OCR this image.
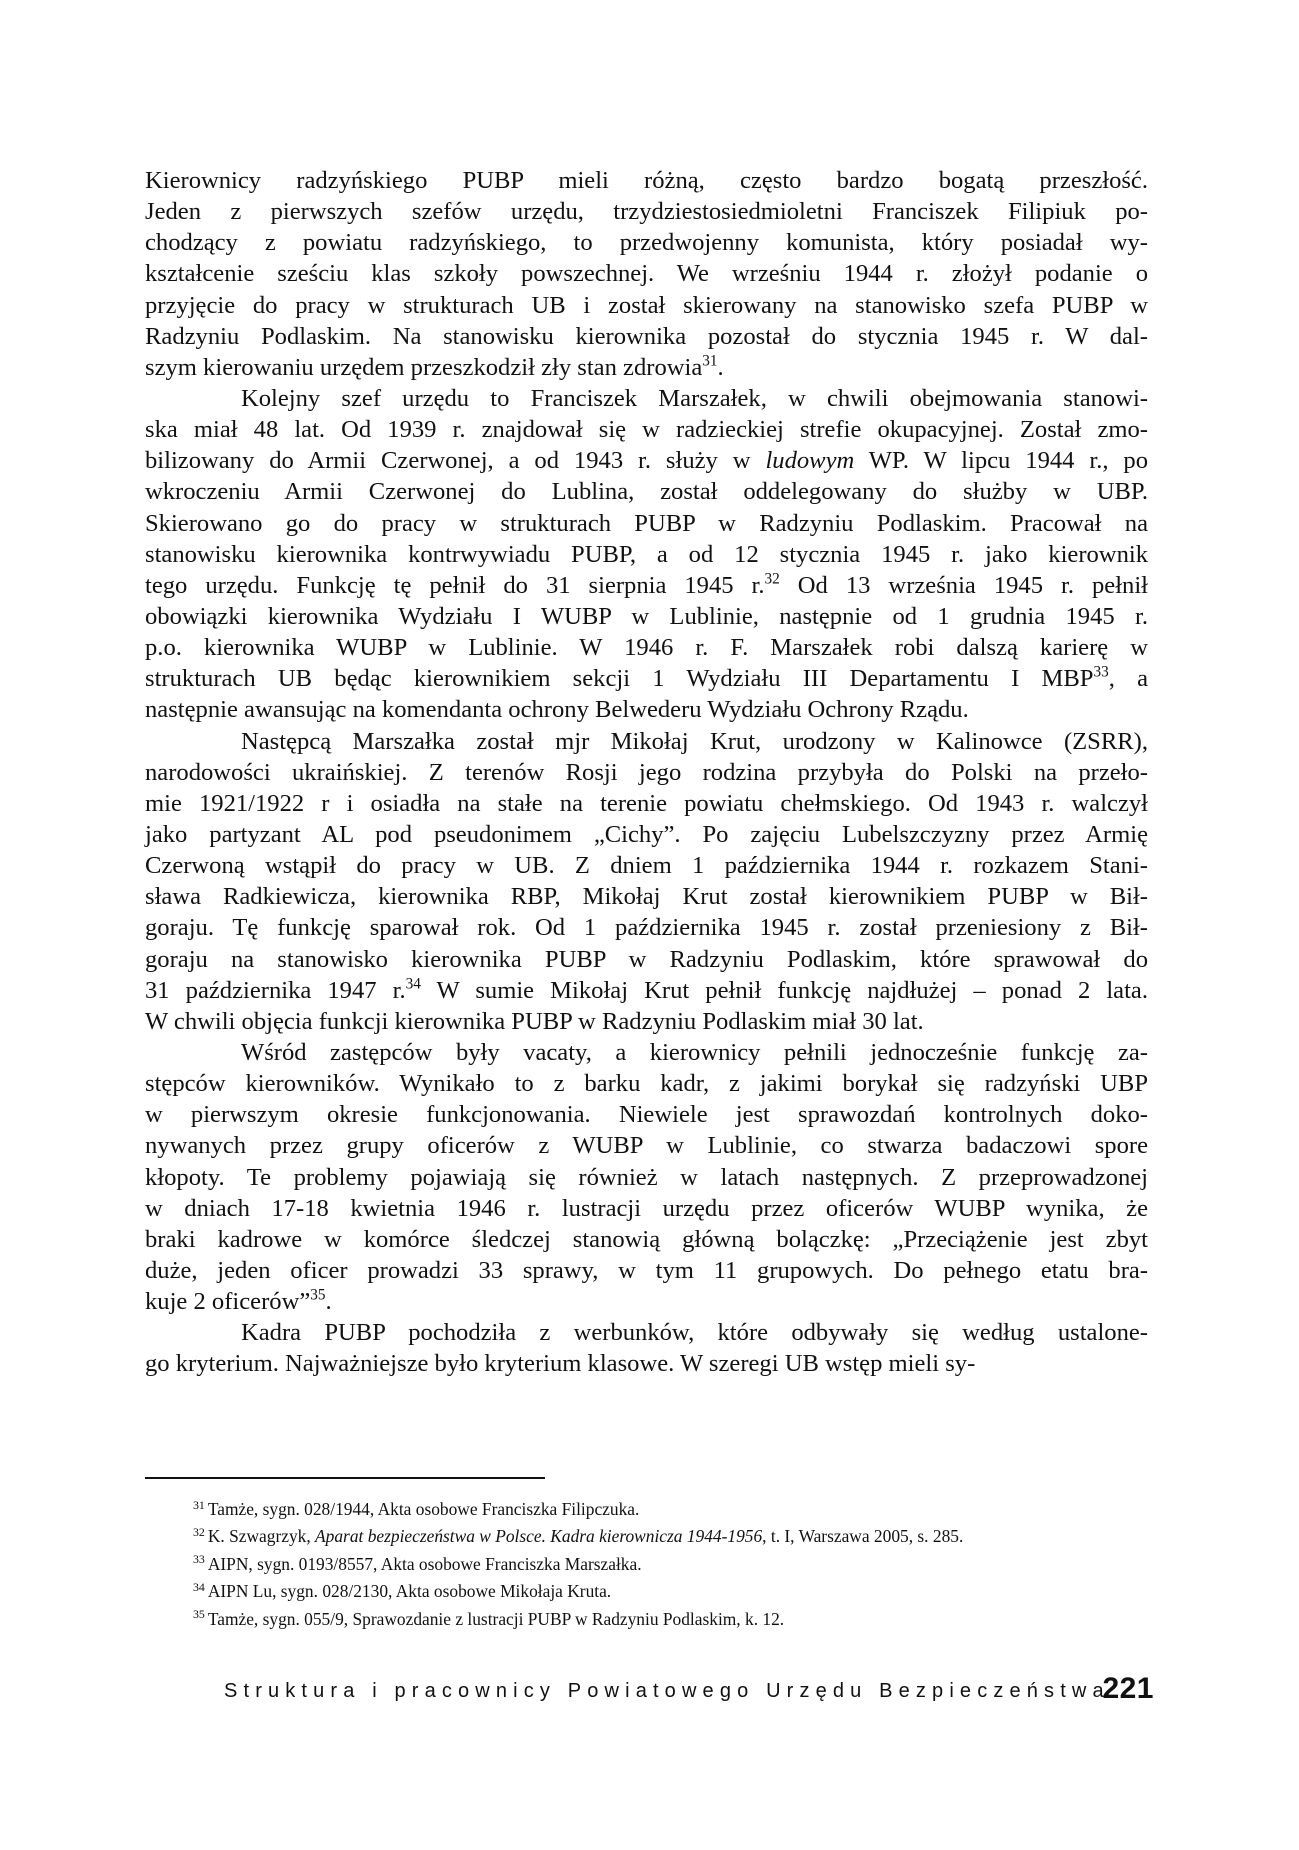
Kierownicy radzyńskiego PUBP mieli różną, często bardzo bogatą przeszłość.
Jeden z pierwszych szefów urzędu, trzydziestosiedmioletni Franciszek Filipiuk po-
chodzący z powiatu radzyńskiego, to przedwojenny komunista, który posiadał wy-
kształcenie sześciu klas szkoły powszechnej. We wrześniu 1944 r. złożył podanie o
przyjęcie do pracy w strukturach UB i został skierowany na stanowisko szefa PUBP w
Radzyniu Podlaskim. Na stanowisku kierownika pozostał do stycznia 1945 r. W dal-
szym kierowaniu urzędem przeszkodził zły stan zdrowia$^{31}$.
Kolejny szef urzędu to Franciszek Marszałek, w chwili obejmowania stanowi-
ska miał 48 lat. Od 1939 r. znajdował się w radzieckiej strefie okupacyjnej. Został zmo-
bilizowany do Armii Czerwonej, a od 1943 r. służy w ludowym WP. W lipcu 1944 r., po
wkroczeniu Armii Czerwonej do Lublina, został oddelegowany do służby w UBP.
Skierowano go do pracy w strukturach PUBP w Radzyniu Podlaskim. Pracował na
stanowisku kierownika kontrwywiadu PUBP, a od 12 stycznia 1945 r. jako kierownik
tego urzędu. Funkcję tę pełnił do 31 sierpnia 1945 r.$^{32}$ Od 13 września 1945 r. pełnił
obowiązki kierownika Wydziału I WUBP w Lublinie, następnie od 1 grudnia 1945 r.
p.o. kierownika WUBP w Lublinie. W 1946 r. F. Marszałek robi dalszą karierę w
strukturach UB będąc kierownikiem sekcji 1 Wydziału III Departamentu I MBP$^{33}$, a
następnie awansując na komendanta ochrony Belwederu Wydziału Ochrony Rządu.
Następcą Marszałka został mjr Mikołaj Krut, urodzony w Kalinowce (ZSRR),
narodowości ukraińskiej. Z terenów Rosji jego rodzina przybyła do Polski na przeło-
mie 1921/1922 r i osiadła na stałe na terenie powiatu chełmskiego. Od 1943 r. walczył
jako partyzant AL pod pseudonimem „Cichy”. Po zajęciu Lubelszczyzny przez Armię
Czerwoną wstąpił do pracy w UB. Z dniem 1 października 1944 r. rozkazem Stani-
sława Radkiewicza, kierownika RBP, Mikołaj Krut został kierownikiem PUBP w Bił-
goraju. Tę funkcję sparował rok. Od 1 października 1945 r. został przeniesiony z Bił-
goraju na stanowisko kierownika PUBP w Radzyniu Podlaskim, które sprawował do
31 października 1947 r.$^{34}$ W sumie Mikołaj Krut pełnił funkcję najdłużej – ponad 2 lata.
W chwili objęcia funkcji kierownika PUBP w Radzyniu Podlaskim miał 30 lat.
Wśród zastępców były vacaty, a kierownicy pełnili jednocześnie funkcję za-
stępców kierowników. Wynikało to z barku kadr, z jakimi borykał się radzyński UBP
w pierwszym okresie funkcjonowania. Niewiele jest sprawozdań kontrolnych doko-
nywanych przez grupy oficerów z WUBP w Lublinie, co stwarza badaczowi spore
kłopoty. Te problemy pojawiają się również w latach następnych. Z przeprowadzonej
w dniach 17-18 kwietnia 1946 r. lustracji urzędu przez oficerów WUBP wynika, że
braki kadrowe w komórce śledczej stanowią główną bolączkę: „Przeciążenie jest zbyt
duże, jeden oficer prowadzi 33 sprawy, w tym 11 grupowych. Do pełnego etatu bra-
kuje 2 oficerów”$^{35}$.
Kadra PUBP pochodziła z werbunków, które odbywały się według ustalone-
go kryterium. Najważniejsze było kryterium klasowe. W szeregi UB wstęp mieli sy-
$^{31}$ Tamże, sygn. 028/1944, Akta osobowe Franciszka Filipczuka.
$^{32}$ K. Szwagrzyk, Aparat bezpieczeństwa w Polsce. Kadra kierownicza 1944-1956, t. I, Warszawa 2005, s. 285.
$^{33}$ AIPN, sygn. 0193/8557, Akta osobowe Franciszka Marszałka.
$^{34}$ AIPN Lu, sygn. 028/2130, Akta osobowe Mikołaja Kruta.
$^{35}$ Tamże, sygn. 055/9, Sprawozdanie z lustracji PUBP w Radzyniu Podlaskim, k. 12.
Struktura i pracownicy Powiatowego Urzędu Bezpieczeństwa
221
